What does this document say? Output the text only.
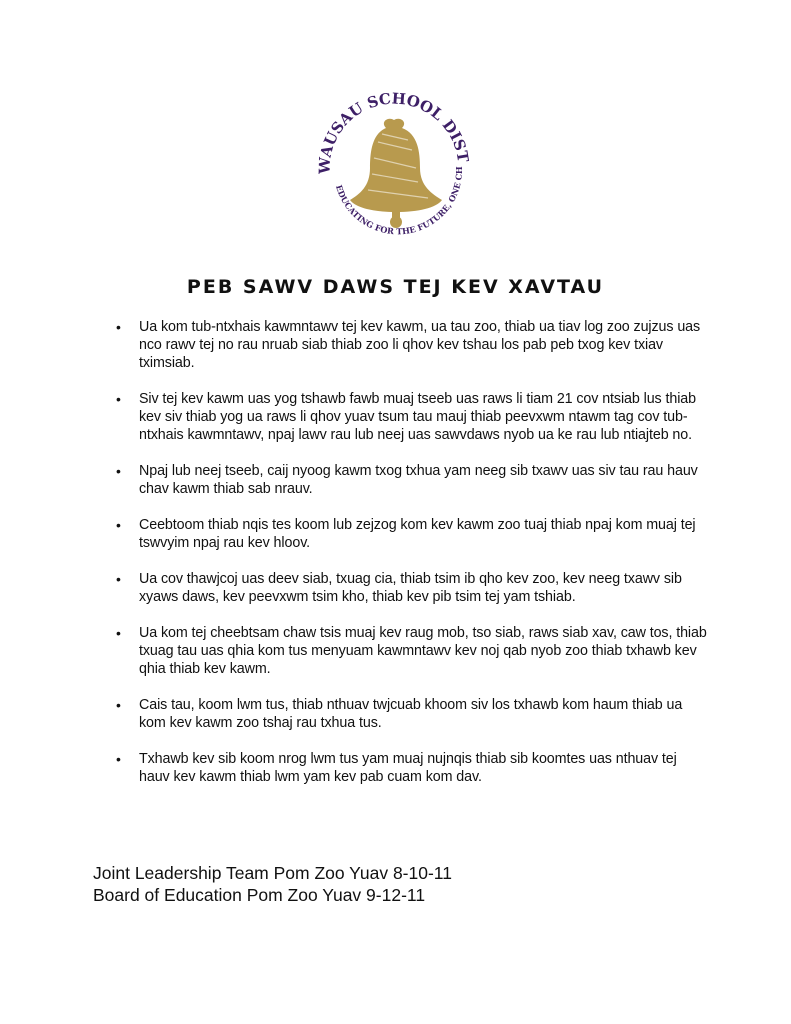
WAUSAU SCHOOL DIST
EDUCATING FOR THE FUTURE, ONE CH
PEB SAWV DAWS TEJ KEV XAVTAU
• Ua kom tub-ntxhais kawmntawv tej kev kawm, ua tau zoo, thiab ua tiav log zoo zujzus uas nco rawv tej no rau nruab siab thiab zoo li qhov kev tshau los pab peb txog kev txiav tximsiab.
• Siv tej kev kawm uas yog tshawb fawb muaj tseeb uas raws li tiam 21 cov ntsiab lus thiab kev siv thiab yog ua raws li qhov yuav tsum tau mauj thiab peevxwm ntawm tag cov tub-ntxhais kawmntawv, npaj lawv rau lub neej uas sawvdaws nyob ua ke rau lub ntiajteb no.
• Npaj lub neej tseeb, caij nyoog kawm txog txhua yam neeg sib txawv uas siv tau rau hauv chav kawm thiab sab nrauv.
• Ceebtoom thiab nqis tes koom lub zejzog kom kev kawm zoo tuaj thiab npaj kom muaj tej tswvyim npaj rau kev hloov.
• Ua cov thawjcoj uas deev siab, txuag cia, thiab tsim ib qho kev zoo, kev neeg txawv sib xyaws daws, kev peevxwm tsim kho, thiab kev pib tsim tej yam tshiab.
• Ua kom tej cheebtsam chaw tsis muaj kev raug mob, tso siab, raws siab xav, caw tos, thiab txuag tau uas qhia kom tus menyuam kawmntawv kev noj qab nyob zoo thiab txhawb kev qhia thiab kev kawm.
• Cais tau, koom lwm tus, thiab nthuav twjcuab khoom siv los txhawb kom haum thiab ua kom kev kawm zoo tshaj rau txhua tus.
• Txhawb kev sib koom nrog lwm tus yam muaj nujnqis thiab sib koomtes uas nthuav tej hauv kev kawm thiab lwm yam kev pab cuam kom dav.
Joint Leadership Team Pom Zoo Yuav 8-10-11
Board of Education Pom Zoo Yuav 9-12-11
